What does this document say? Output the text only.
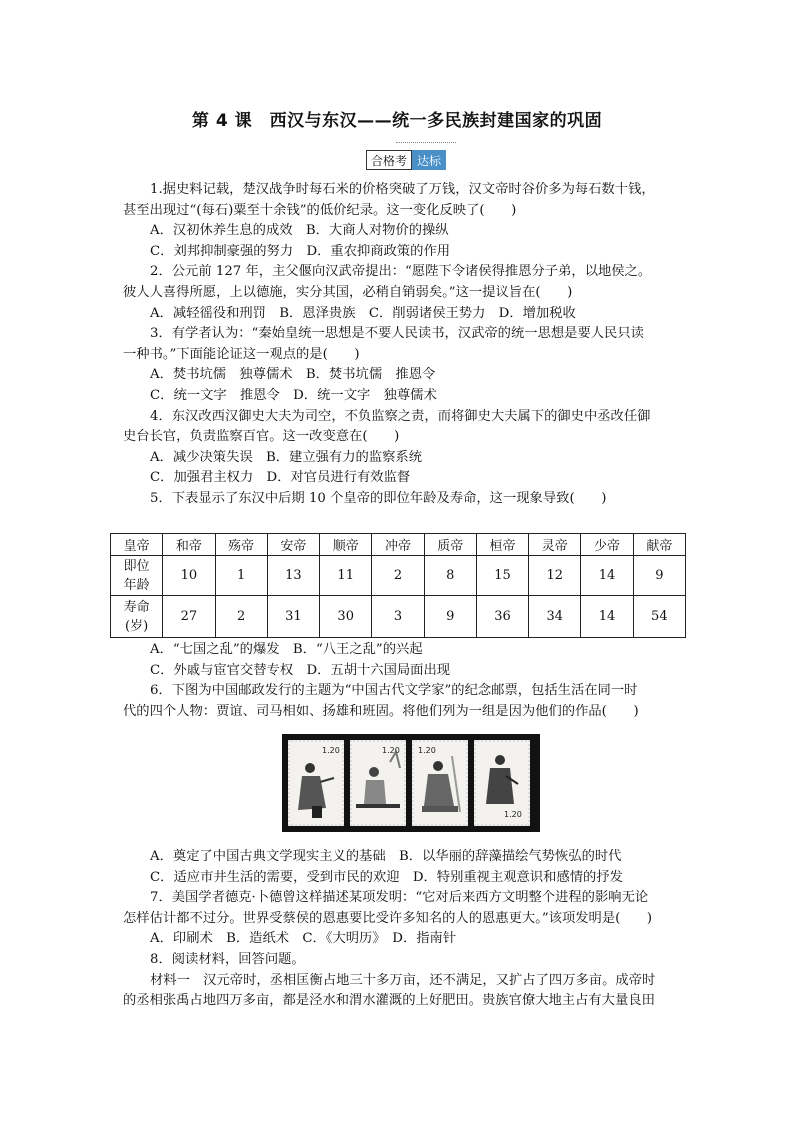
第 4 课　西汉与东汉——统一多民族封建国家的巩固
合格考 达标

1.据史料记载，楚汉战争时每石米的价格突破了万钱，汉文帝时谷价多为每石数十钱，

甚至出现过“(每石)粟至十余钱”的低价纪录。这一变化反映了(　　)

A．汉初休养生息的成效　B．大商人对物价的操纵

C．刘邦抑制豪强的努力　D．重农抑商政策的作用

2．公元前 127 年，主父偃向汉武帝提出：“愿陛下令诸侯得推恩分子弟，以地侯之。

彼人人喜得所愿，上以德施，实分其国，必稍自销弱矣。”这一提议旨在(　　)

A．减轻徭役和刑罚　B．恩泽贵族　C．削弱诸侯王势力　D．增加税收

3．有学者认为：“秦始皇统一思想是不要人民读书，汉武帝的统一思想是要人民只读

一种书。”下面能论证这一观点的是(　　)

A．焚书坑儒　独尊儒术　B．焚书坑儒　推恩令

C．统一文字　推恩令　D．统一文字　独尊儒术

4．东汉改西汉御史大夫为司空，不负监察之责，而将御史大夫属下的御史中丞改任御

史台长官，负责监察百官。这一改变意在(　　)

A．减少决策失误　B．建立强有力的监察系统

C．加强君主权力　D．对官员进行有效监督

5．下表显示了东汉中后期 10 个皇帝的即位年龄及寿命，这一现象导致(　　)

皇帝	和帝	殇帝	安帝	顺帝	冲帝	质帝	桓帝	灵帝	少帝	献帝
即位
年龄	10	1	13	11	2	8	15	12	14	9
寿命
(岁)	27	2	31	30	3	9	36	34	14	54

A．“七国之乱”的爆发　B．“八王之乱”的兴起

C．外戚与宦官交替专权　D．五胡十六国局面出现

6．下图为中国邮政发行的主题为“中国古代文学家”的纪念邮票，包括生活在同一时

代的四个人物：贾谊、司马相如、扬雄和班固。将他们列为一组是因为他们的作品(　　)

1.20	1.20 1.20
1.20

A．奠定了中国古典文学现实主义的基础　B．以华丽的辞藻描绘气势恢弘的时代

C．适应市井生活的需要，受到市民的欢迎　D．特别重视主观意识和感情的抒发

7．美国学者德克·卜德曾这样描述某项发明：“它对后来西方文明整个进程的影响无论

怎样估计都不过分。世界受蔡侯的恩惠要比受许多知名的人的恩惠更大。”该项发明是(　　)

A．印刷术　B．造纸术　C．《大明历》　D．指南针

8．阅读材料，回答问题。

材料一　汉元帝时，丞相匡衡占地三十多万亩，还不满足，又扩占了四万多亩。成帝时

的丞相张禹占地四万多亩，都是泾水和渭水灌溉的上好肥田。贵族官僚大地主占有大量良田
